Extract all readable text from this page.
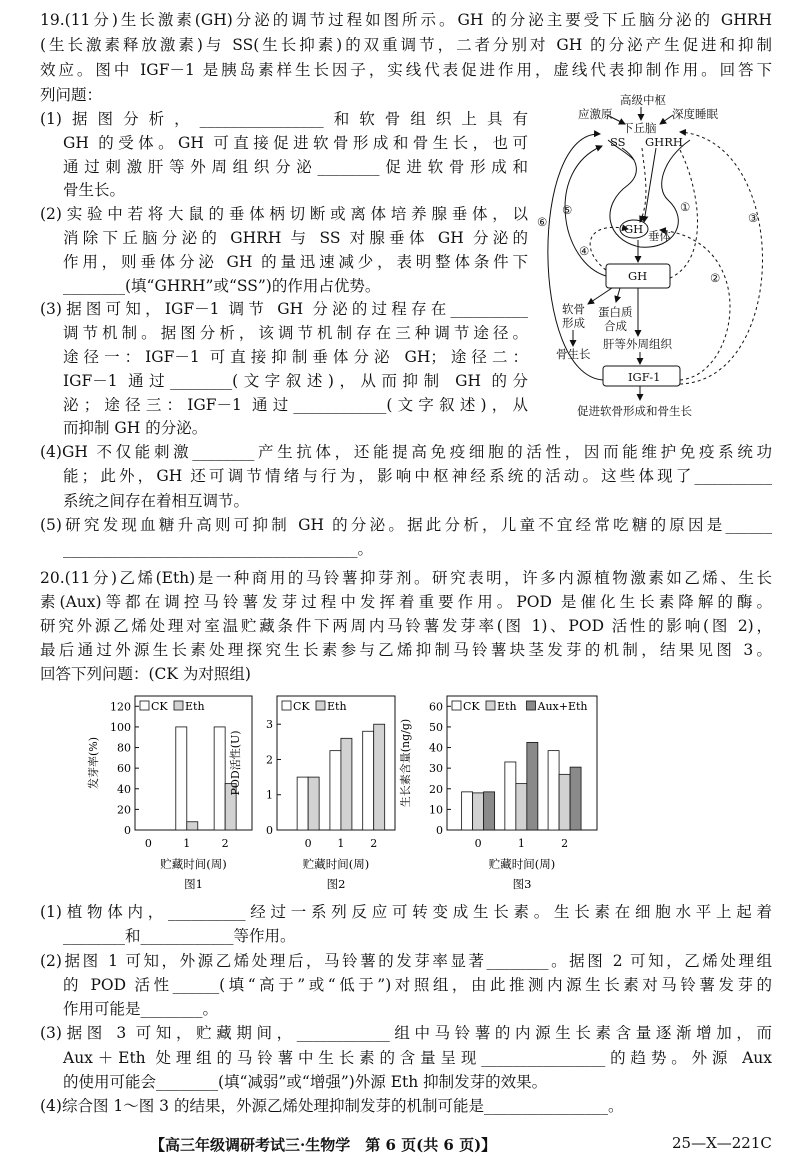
19.(11分)生长激素(GH)分泌的调节过程如图所示。GH 的分泌主要受下丘脑分泌的 GHRH
(生长激素释放激素)与 SS(生长抑素)的双重调节，二者分别对 GH 的分泌产生促进和抑制
效应。图中 IGF－1 是胰岛素样生长因子，实线代表促进作用，虚线代表抑制作用。回答下
列问题：
(1)据图分析，________________和软骨组织上具有
GH 的受体。GH 可直接促进软骨形成和骨生长，也可
通过刺激肝等外周组织分泌________促进软骨形成和
骨生长。
(2)实验中若将大鼠的垂体柄切断或离体培养腺垂体，以
消除下丘脑分泌的 GHRH 与 SS 对腺垂体 GH 分泌的
作用，则垂体分泌 GH 的量迅速减少，表明整体条件下
________(填“GHRH”或“SS”)的作用占优势。
(3)据图可知，IGF－1 调节 GH 分泌的过程存在__________
调节机制。据图分析，该调节机制存在三种调节途径。
途径一：IGF－1 可直接抑制垂体分泌 GH；途径二：
IGF－1 通过________(文字叙述)，从而抑制 GH 的分
泌；途径三：IGF－1 通过____________(文字叙述)，从
而抑制 GH 的分泌。
高级中枢
应激原	深度睡眠
下丘脑
SS GHRH
GH 垂体
GH
软骨
形成
骨生长
蛋白质
合成
肝等外周组织
IGF-1
促进软骨形成和骨生长
①
②
③
④
⑤
⑥
(4)GH 不仅能刺激________产生抗体，还能提高免疫细胞的活性，因而能维护免疫系统功
能；此外，GH 还可调节情绪与行为，影响中枢神经系统的活动。这些体现了__________
系统之间存在着相互调节。
(5)研究发现血糖升高则可抑制 GH 的分泌。据此分析，儿童不宜经常吃糖的原因是______
______________________________________。
20.(11分)乙烯(Eth)是一种商用的马铃薯抑芽剂。研究表明，许多内源植物激素如乙烯、生长
素(Aux)等都在调控马铃薯发芽过程中发挥着重要作用。POD 是催化生长素降解的酶。
研究外源乙烯处理对室温贮藏条件下两周内马铃薯发芽率(图 1)、POD 活性的影响(图 2)，
最后通过外源生长素处理探究生长素参与乙烯抑制马铃薯块茎发芽的机制，结果见图 3。
回答下列问题：(CK 为对照组)
0
20
40
60
80
100
120
0	1	2
CK Eth
贮藏时间(周)
图1
发芽率(%)
0
1
2
3
0 1 2
CK Eth
贮藏时间(周)
图2
POD活性(U)
0
10
20
30
40
50
60
0	1	2
CK Eth Aux+Eth
贮藏时间(周)
图3
生长素含量(ng/g)
(1)植物体内，__________经过一系列反应可转变成生长素。生长素在细胞水平上起着
________和____________等作用。
(2)据图 1 可知，外源乙烯处理后，马铃薯的发芽率显著________。据图 2 可知，乙烯处理组
的 POD 活性______(填“高于”或“低于”)对照组，由此推测内源生长素对马铃薯发芽的
作用可能是________。
(3)据图 3 可知，贮藏期间，____________组中马铃薯的内源生长素含量逐渐增加，而
Aux＋Eth 处理组的马铃薯中生长素的含量呈现________________的趋势。外源 Aux
的使用可能会________(填“减弱”或“增强”)外源 Eth 抑制发芽的效果。
(4)综合图 1～图 3 的结果，外源乙烯处理抑制发芽的机制可能是________________。
【高三年级调研考试三·生物学　第 6 页(共 6 页)】	25—X—221C
